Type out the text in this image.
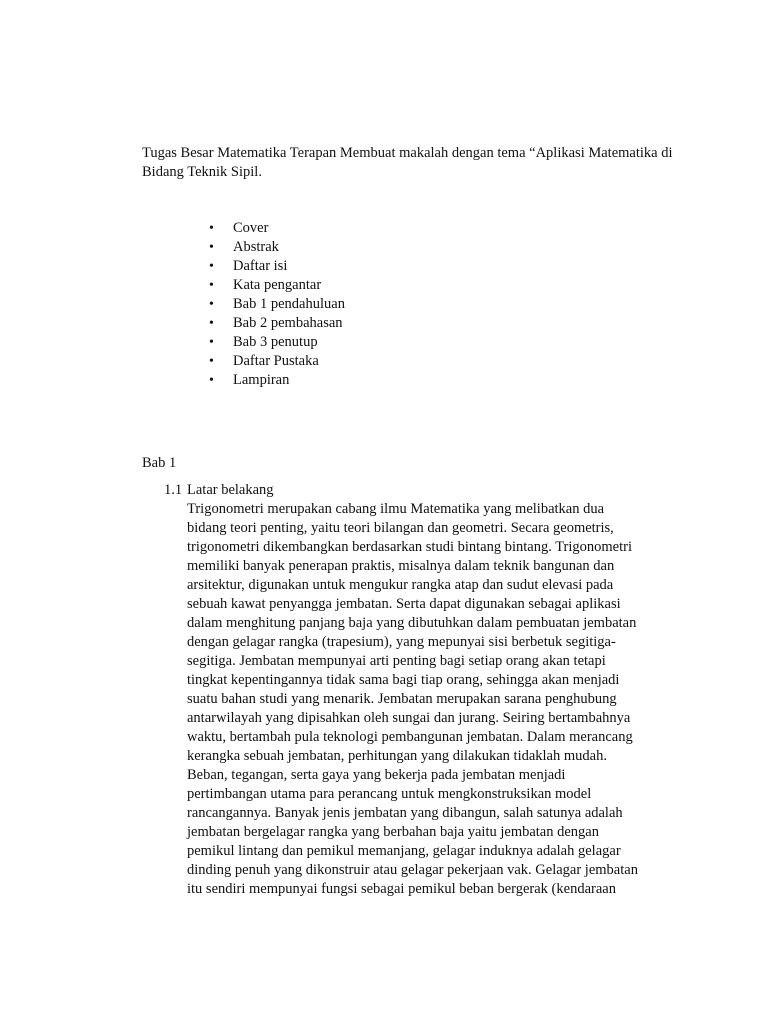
Tugas Besar Matematika Terapan Membuat makalah dengan tema “Aplikasi Matematika di
Bidang Teknik Sipil.
• Cover
• Abstrak
• Daftar isi
• Kata pengantar
• Bab 1 pendahuluan
• Bab 2 pembahasan
• Bab 3 penutup
• Daftar Pustaka
• Lampiran
Bab 1
1.1 Latar belakang
Trigonometri merupakan cabang ilmu Matematika yang melibatkan dua
bidang teori penting, yaitu teori bilangan dan geometri. Secara geometris,
trigonometri dikembangkan berdasarkan studi bintang bintang. Trigonometri
memiliki banyak penerapan praktis, misalnya dalam teknik bangunan dan
arsitektur, digunakan untuk mengukur rangka atap dan sudut elevasi pada
sebuah kawat penyangga jembatan. Serta dapat digunakan sebagai aplikasi
dalam menghitung panjang baja yang dibutuhkan dalam pembuatan jembatan
dengan gelagar rangka (trapesium), yang mepunyai sisi berbetuk segitiga-
segitiga. Jembatan mempunyai arti penting bagi setiap orang akan tetapi
tingkat kepentingannya tidak sama bagi tiap orang, sehingga akan menjadi
suatu bahan studi yang menarik. Jembatan merupakan sarana penghubung
antarwilayah yang dipisahkan oleh sungai dan jurang. Seiring bertambahnya
waktu, bertambah pula teknologi pembangunan jembatan. Dalam merancang
kerangka sebuah jembatan, perhitungan yang dilakukan tidaklah mudah.
Beban, tegangan, serta gaya yang bekerja pada jembatan menjadi
pertimbangan utama para perancang untuk mengkonstruksikan model
rancangannya. Banyak jenis jembatan yang dibangun, salah satunya adalah
jembatan bergelagar rangka yang berbahan baja yaitu jembatan dengan
pemikul lintang dan pemikul memanjang, gelagar induknya adalah gelagar
dinding penuh yang dikonstruir atau gelagar pekerjaan vak. Gelagar jembatan
itu sendiri mempunyai fungsi sebagai pemikul beban bergerak (kendaraan
